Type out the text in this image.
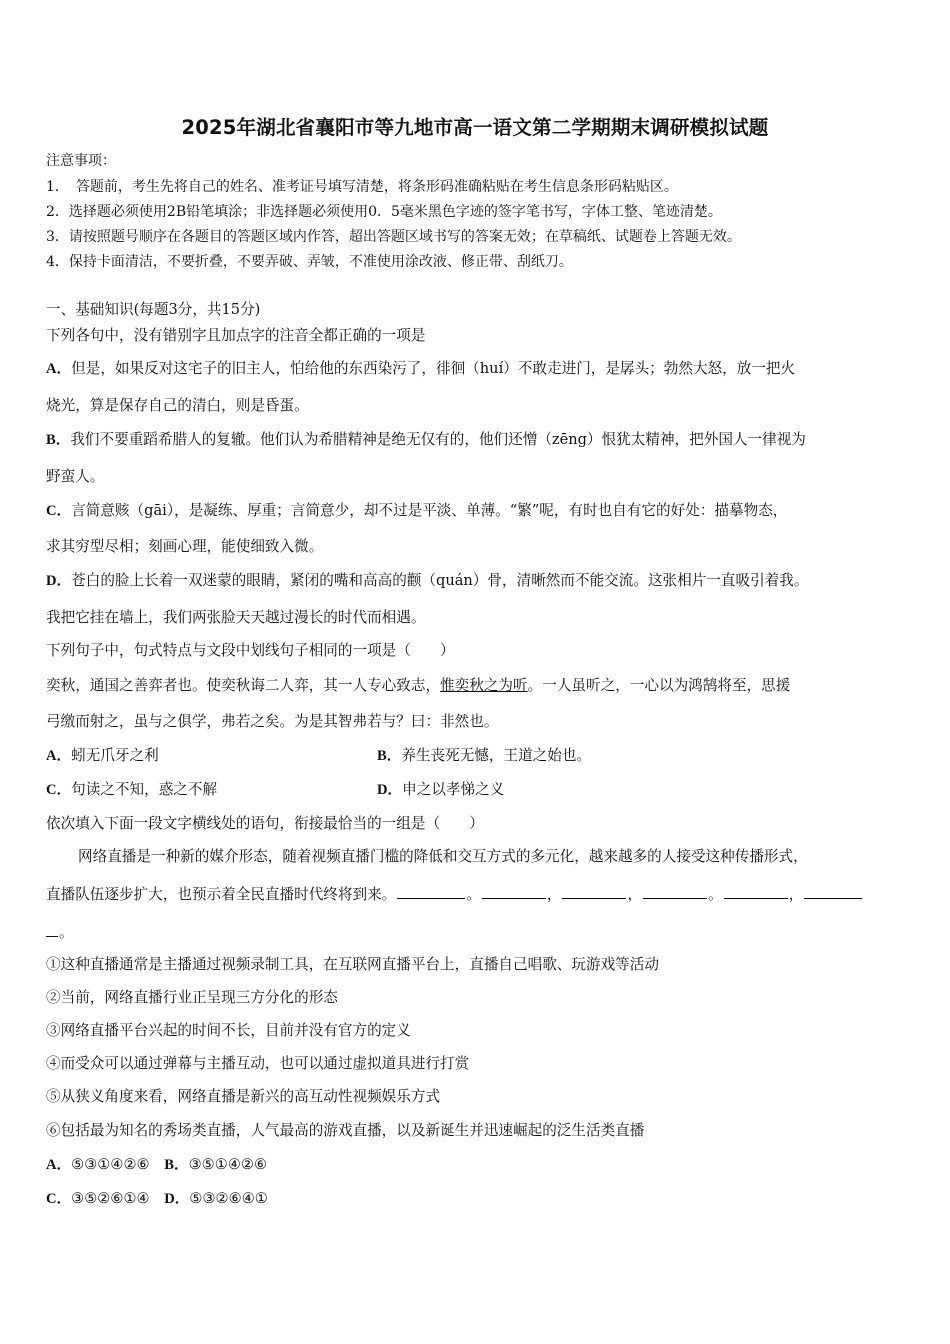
2025年湖北省襄阳市等九地市高一语文第二学期期末调研模拟试题
注意事项：
1．　答题前，考生先将自己的姓名、准考证号填写清楚，将条形码准确粘贴在考生信息条形码粘贴区。
2．选择题必须使用2B铅笔填涂；非选择题必须使用0．5毫米黑色字迹的签字笔书写，字体工整、笔迹清楚。
3．请按照题号顺序在各题目的答题区域内作答，超出答题区域书写的答案无效；在草稿纸、试题卷上答题无效。
4．保持卡面清洁，不要折叠，不要弄破、弄皱，不准使用涂改液、修正带、刮纸刀。
一、基础知识(每题3分，共15分)
下列各句中，没有错别字且加点字的注音全都正确的一项是
A．但是，如果反对这宅子的旧主人，怕给他的东西染污了，徘徊（huí）不敢走进门，是孱头；勃然大怒，放一把火
烧光，算是保存自己的清白，则是昏蛋。
B．我们不要重蹈希腊人的复辙。他们认为希腊精神是绝无仅有的，他们还憎（zēng）恨犹太精神，把外国人一律视为
野蛮人。
C．言简意赅（gāi），是凝练、厚重；言简意少，却不过是平淡、单薄。“繁”呢，有时也自有它的好处：描摹物态，
求其穷型尽相；刻画心理，能使细致入微。
D．苍白的脸上长着一双迷蒙的眼睛，紧闭的嘴和高高的颧（quán）骨，清晰然而不能交流。这张相片一直吸引着我。
我把它挂在墙上，我们两张脸天天越过漫长的时代而相遇。
下列句子中，句式特点与文段中划线句子相同的一项是（　　）
奕秋，通国之善弈者也。使奕秋诲二人弈，其一人专心致志，惟奕秋之为听。一人虽听之，一心以为鸿鹄将至，思援
弓缴而射之，虽与之俱学，弗若之矣。为是其智弗若与？曰：非然也。
A．蚓无爪牙之利	B．养生丧死无憾，王道之始也。
C．句读之不知，惑之不解	D．申之以孝悌之义
依次填入下面一段文字横线处的语句，衔接最恰当的一组是（　　）
网络直播是一种新的媒介形态，随着视频直播门槛的降低和交互方式的多元化，越来越多的人接受这种传播形式，
直播队伍逐步扩大，也预示着全民直播时代终将到来。	。	，	，	。	，
。
①这种直播通常是主播通过视频录制工具，在互联网直播平台上，直播自己唱歌、玩游戏等活动
②当前，网络直播行业正呈现三方分化的形态
③网络直播平台兴起的时间不长，目前并没有官方的定义
④而受众可以通过弹幕与主播互动，也可以通过虚拟道具进行打赏
⑤从狭义角度来看，网络直播是新兴的高互动性视频娱乐方式
⑥包括最为知名的秀场类直播，人气最高的游戏直播，以及新诞生并迅速崛起的泛生活类直播
A．⑤③①④②⑥　 B．③⑤①④②⑥
C．③⑤②⑥①④　 D．⑤③②⑥④①
